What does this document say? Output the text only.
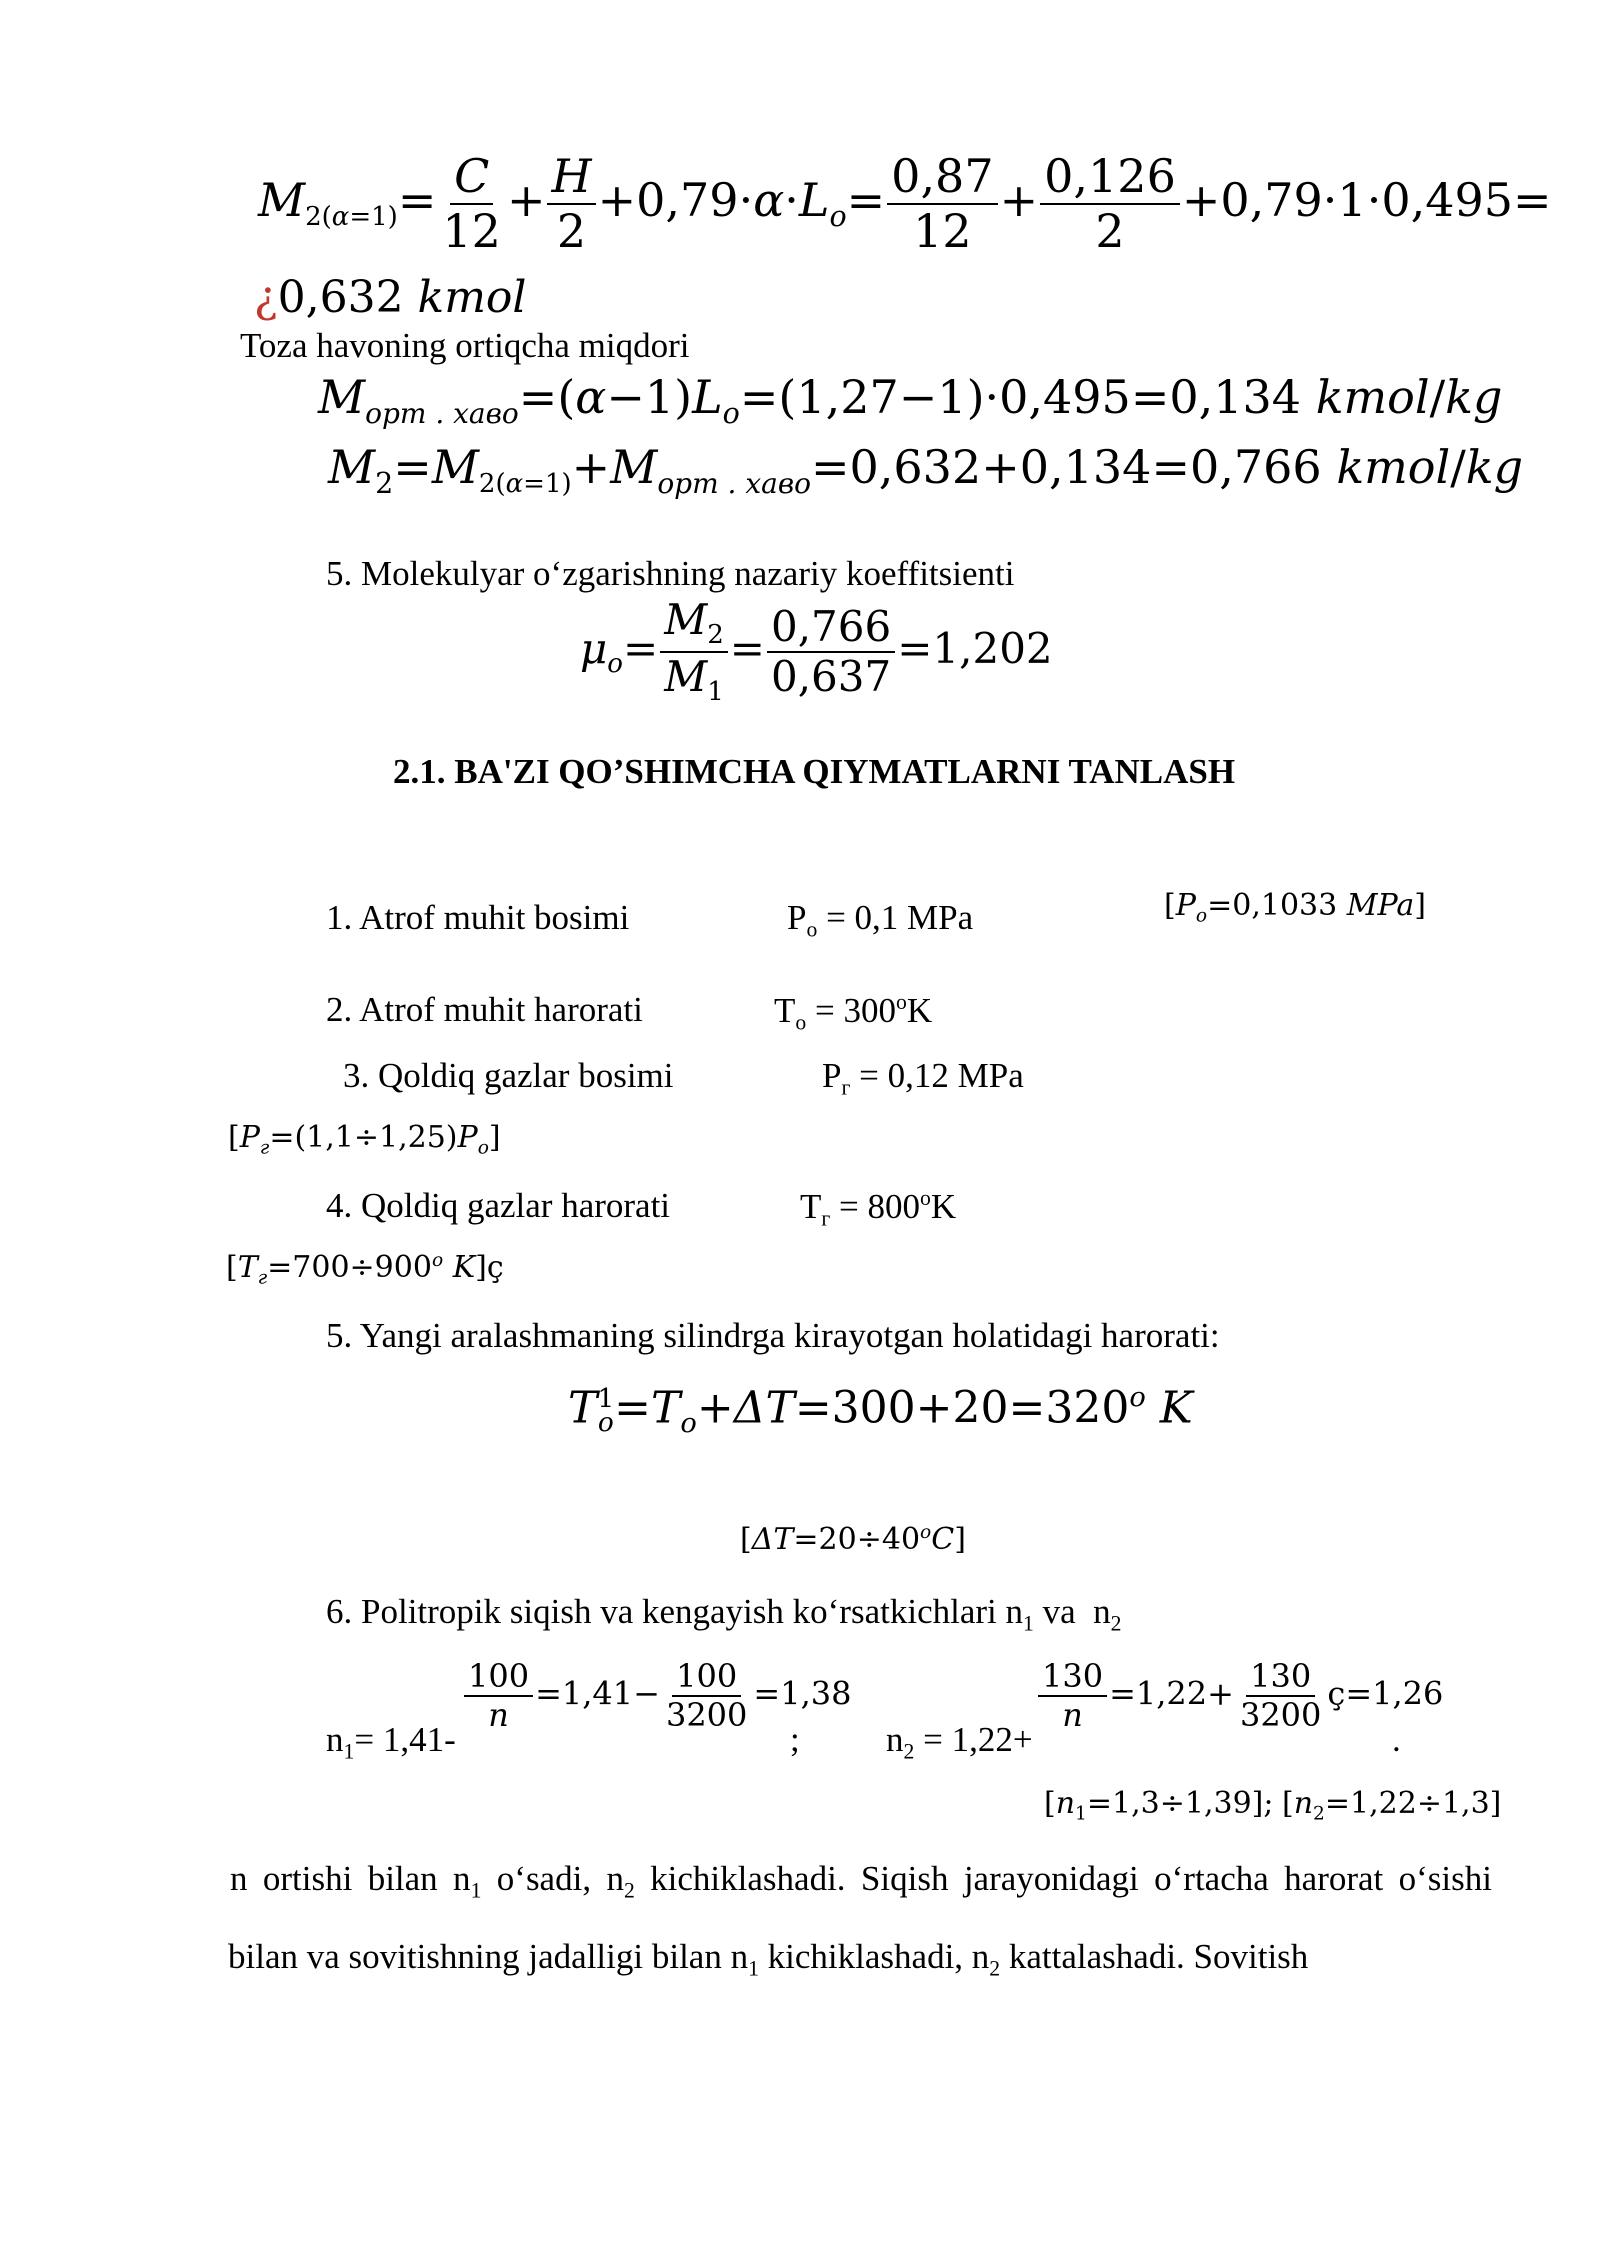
$M_{2(\alpha=1)}= \frac{C}{12} + \frac{H}{2} +0,79\cdot\alpha\cdot L_o= \frac{0,87}{12} + \frac{0,126}{2} +0,79\cdot 1\cdot 0,495=$
¿0,632 kmol
Toza havoning ortiqcha miqdori
$M_{орт . хаво}=(\alpha-1)L_o=(1,27-1)\cdot 0,495=0,134$ kmol/kg
$M_2=M_{2(\alpha=1)}+M_{орт . хаво}=0,632+0,134=0,766$ kmol/kg
5. Molekulyar o‘zgarishning nazariy koeffitsienti
$\mu_o= \frac{M_2}{M_1} = \frac{0,766}{0,637} =1,202$
2.1. BA'ZI QO’SHIMCHA QIYMATLARNI TANLASH
1. Atrof muhit bosimi	$P_o = 0,1$ MPa	[$P_o=0,1033$ MPa]
2. Atrof muhit harorati	$T_o = 300^oK$
3. Qoldiq gazlar bosimi	$P_г = 0,12$ MPa
$[P_г=(1,1\div 1,25)P_o]$
4. Qoldiq gazlar harorati	$T_г = 800^oK$
[$T_г=700\div 900^o$ K]ҫ
5. Yangi aralashmaning silindrga kirayotgan holatidagi harorati:
T 1
$o =T_o+\Delta T=300+20=320^o$ K
$[\Delta T=20\div 40^oC]$
6. Politropik siqish va kengayish ko‘rsatkichlari $n_1$ va  $n_2$
$n_1= 1,41-$
$\frac{100}{n} =1,41- \frac{100}{3200} =1,38$
; $n_2 = 1,22+$
$\frac{130}{n} =1,22+ \frac{130}{3200} ҫ=1,26$
.
$[n_1=1,3\div 1,39]$; $[n_2=1,22\div 1,3]$
n ortishi bilan $n_1$ o‘sadi, $n_2$ kichiklashadi. Siqish jarayonidagi o‘rtacha harorat o‘sishi bilan va sovitishning jadalligi bilan $n_1$ kichiklashadi, $n_2$ kattalashadi. Sovitish
